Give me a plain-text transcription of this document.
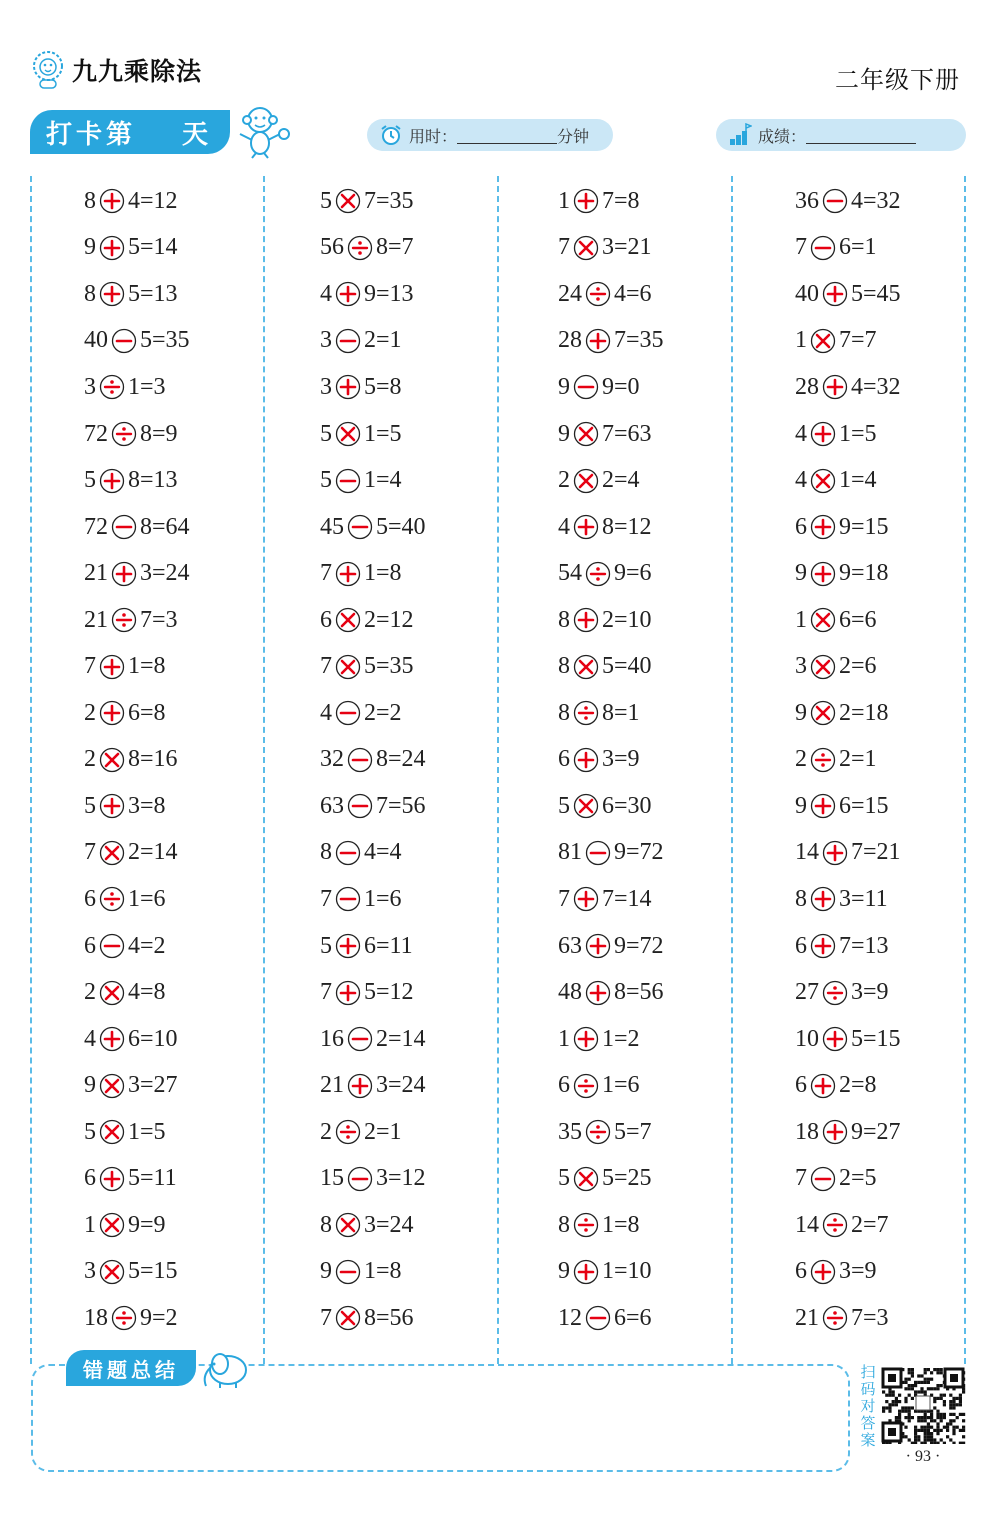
九九乘除法	二年级下册
打卡第 天	用时：	分钟	成绩：
8 4 = 12
9 5 = 14
8 5 = 13
40 5 = 35
3 1 = 3
72 8 = 9
5 8 = 13
72 8 = 64
21 3 = 24
21 7 = 3
7 1 = 8
2 6 = 8
2 8 = 16
5 3 = 8
7 2 = 14
6 1 = 6
6 4 = 2
2 4 = 8
4 6 = 10
9 3 = 27
5 1 = 5
6 5 = 11
1 9 = 9
3 5 = 15
18 9 = 2
5 7 = 35
56 8 = 7
4 9 = 13
3 2 = 1
3 5 = 8
5 1 = 5
5 1 = 4
45 5 = 40
7 1 = 8
6 2 = 12
7 5 = 35
4 2 = 2
32 8 = 24
63 7 = 56
8 4 = 4
7 1 = 6
5 6 = 11
7 5 = 12
16 2 = 14
21 3 = 24
2 2 = 1
15 3 = 12
8 3 = 24
9 1 = 8
7 8 = 56
1 7 = 8
7 3 = 21
24 4 = 6
28 7 = 35
9 9 = 0
9 7 = 63
2 2 = 4
4 8 = 12
54 9 = 6
8 2 = 10
8 5 = 40
8 8 = 1
6 3 = 9
5 6 = 30
81 9 = 72
7 7 = 14
63 9 = 72
48 8 = 56
1 1 = 2
6 1 = 6
35 5 = 7
5 5 = 25
8 1 = 8
9 1 = 10
12 6 = 6
36 4 = 32
7 6 = 1
40 5 = 45
1 7 = 7
28 4 = 32
4 1 = 5
4 1 = 4
6 9 = 15
9 9 = 18
1 6 = 6
3 2 = 6
9 2 = 18
2 2 = 1
9 6 = 15
14 7 = 21
8 3 = 11
6 7 = 13
27 3 = 9
10 5 = 15
6 2 = 8
18 9 = 27
7 2 = 5
14 2 = 7
6 3 = 9
21 7 = 3
错题总结	扫码对答案
· 93 ·
